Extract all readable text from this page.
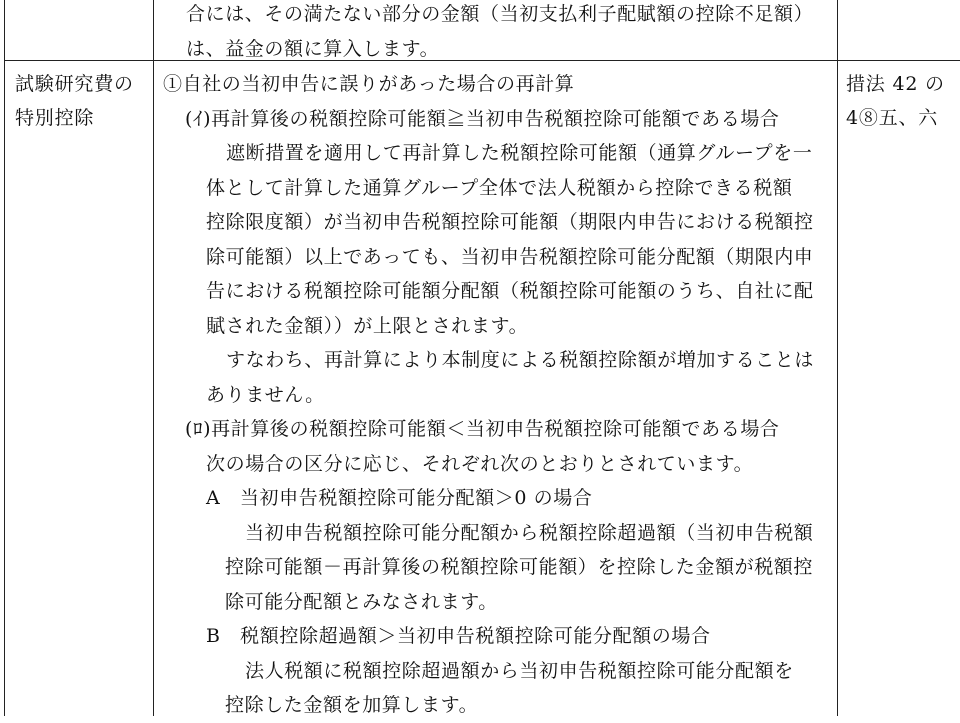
合には、その満たない部分の金額（当初支払利子配賦額の控除不足額）
は、益金の額に算入します。
試験研究費の
特別控除
措法 42 の
4⑧五、六
①自社の当初申告に誤りがあった場合の再計算
(ｲ)再計算後の税額控除可能額≧当初申告税額控除可能額である場合
遮断措置を適用して再計算した税額控除可能額（通算グループを一
体として計算した通算グループ全体で法人税額から控除できる税額
控除限度額）が当初申告税額控除可能額（期限内申告における税額控
除可能額）以上であっても、当初申告税額控除可能分配額（期限内申
告における税額控除可能額分配額（税額控除可能額のうち、自社に配
賦された金額））が上限とされます。
すなわち、再計算により本制度による税額控除額が増加することは
ありません。
(ﾛ)再計算後の税額控除可能額＜当初申告税額控除可能額である場合
次の場合の区分に応じ、それぞれ次のとおりとされています。
A　当初申告税額控除可能分配額＞0 の場合
当初申告税額控除可能分配額から税額控除超過額（当初申告税額
控除可能額－再計算後の税額控除可能額）を控除した金額が税額控
除可能分配額とみなされます。
B　税額控除超過額＞当初申告税額控除可能分配額の場合
法人税額に税額控除超過額から当初申告税額控除可能分配額を
控除した金額を加算します。
